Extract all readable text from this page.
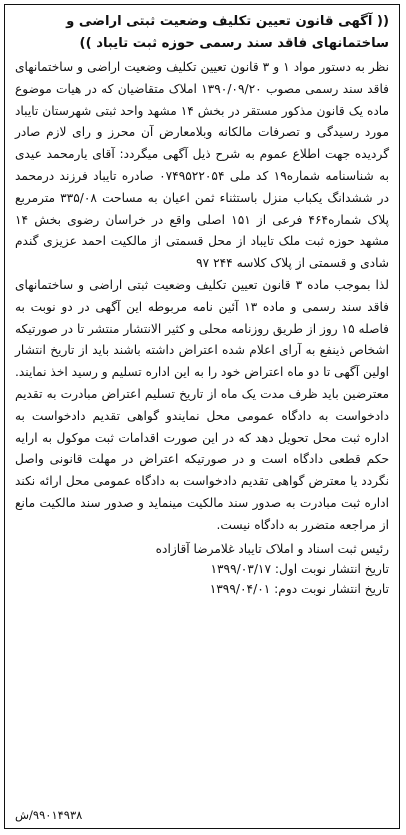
(( آگهی قانون تعیین تکلیف وضعیت ثبتی اراضی و
ساختمانهای فاقد سند رسمی حوزه ثبت تایباد ))
نظر به دستور مواد ۱ و ۳ قانون تعیین تکلیف وضعیت اراضی و ساختمانهای فاقد سند رسمی مصوب ۱۳۹۰/۰۹/۲۰ املاک متقاضیان که در هیات موضوع ماده یک قانون مذکور مستقر در بخش ۱۴ مشهد واحد ثبتی شهرستان تایباد مورد رسیدگی و تصرفات مالکانه وبلامعارض آن محرز و رای لازم صادر گردیده جهت اطلاع عموم به شرح ذیل آگهی میگردد: آقای یارمحمد عیدی به شناسنامه شماره۱۹ کد ملی ۰۷۴۹۵۲۲۰۵۴ صادره تایباد فرزند درمحمد در ششدانگ یکباب منزل باستثناء ثمن اعیان به مساحت ۳۳۵/۰۸ مترمربع پلاک شماره۴۶۴ فرعی از ۱۵۱ اصلی واقع در خراسان رضوی بخش ۱۴ مشهد حوزه ثبت ملک تایباد از محل قسمتی از مالکیت احمد عزیزی گندم شادی و قسمتی از پلاک کلاسه ۲۴۴ ۹۷
لذا بموجب ماده ۳ قانون تعیین تکلیف وضعیت ثبتی اراضی و ساختمانهای فاقد سند رسمی و ماده ۱۳ آئین نامه مربوطه این آگهی در دو نوبت به فاصله ۱۵ روز از طریق روزنامه محلی و کثیر الانتشار منتشر تا در صورتیکه اشخاص ذینفع به آرای اعلام شده اعتراض داشته باشند باید از تاریخ انتشار اولین آگهی تا دو ماه اعتراض خود را به این اداره تسلیم و رسید اخذ نمایند. معترضین باید ظرف مدت یک ماه از تاریخ تسلیم اعتراض مبادرت به تقدیم دادخواست به دادگاه عمومی محل نمایندو گواهی تقدیم دادخواست به اداره ثبت محل تحویل دهد که در این صورت اقدامات ثبت موکول به ارایه حکم قطعی دادگاه است و در صورتیکه اعتراض در مهلت قانونی واصل نگردد یا معترض گواهی تقدیم دادخواست به دادگاه عمومی محل ارائه نکند اداره ثبت مبادرت به صدور سند مالکیت مینماید و صدور سند مالکیت مانع از مراجعه متضرر به دادگاه نیست.
رئیس ثبت اسناد و املاک تایباد غلامرضا آقازاده
تاریخ انتشار نوبت اول: ۱۳۹۹/۰۳/۱۷
تاریخ انتشار نوبت دوم: ۱۳۹۹/۰۴/۰۱
۹۹۰۱۴۹۳۸/ش
